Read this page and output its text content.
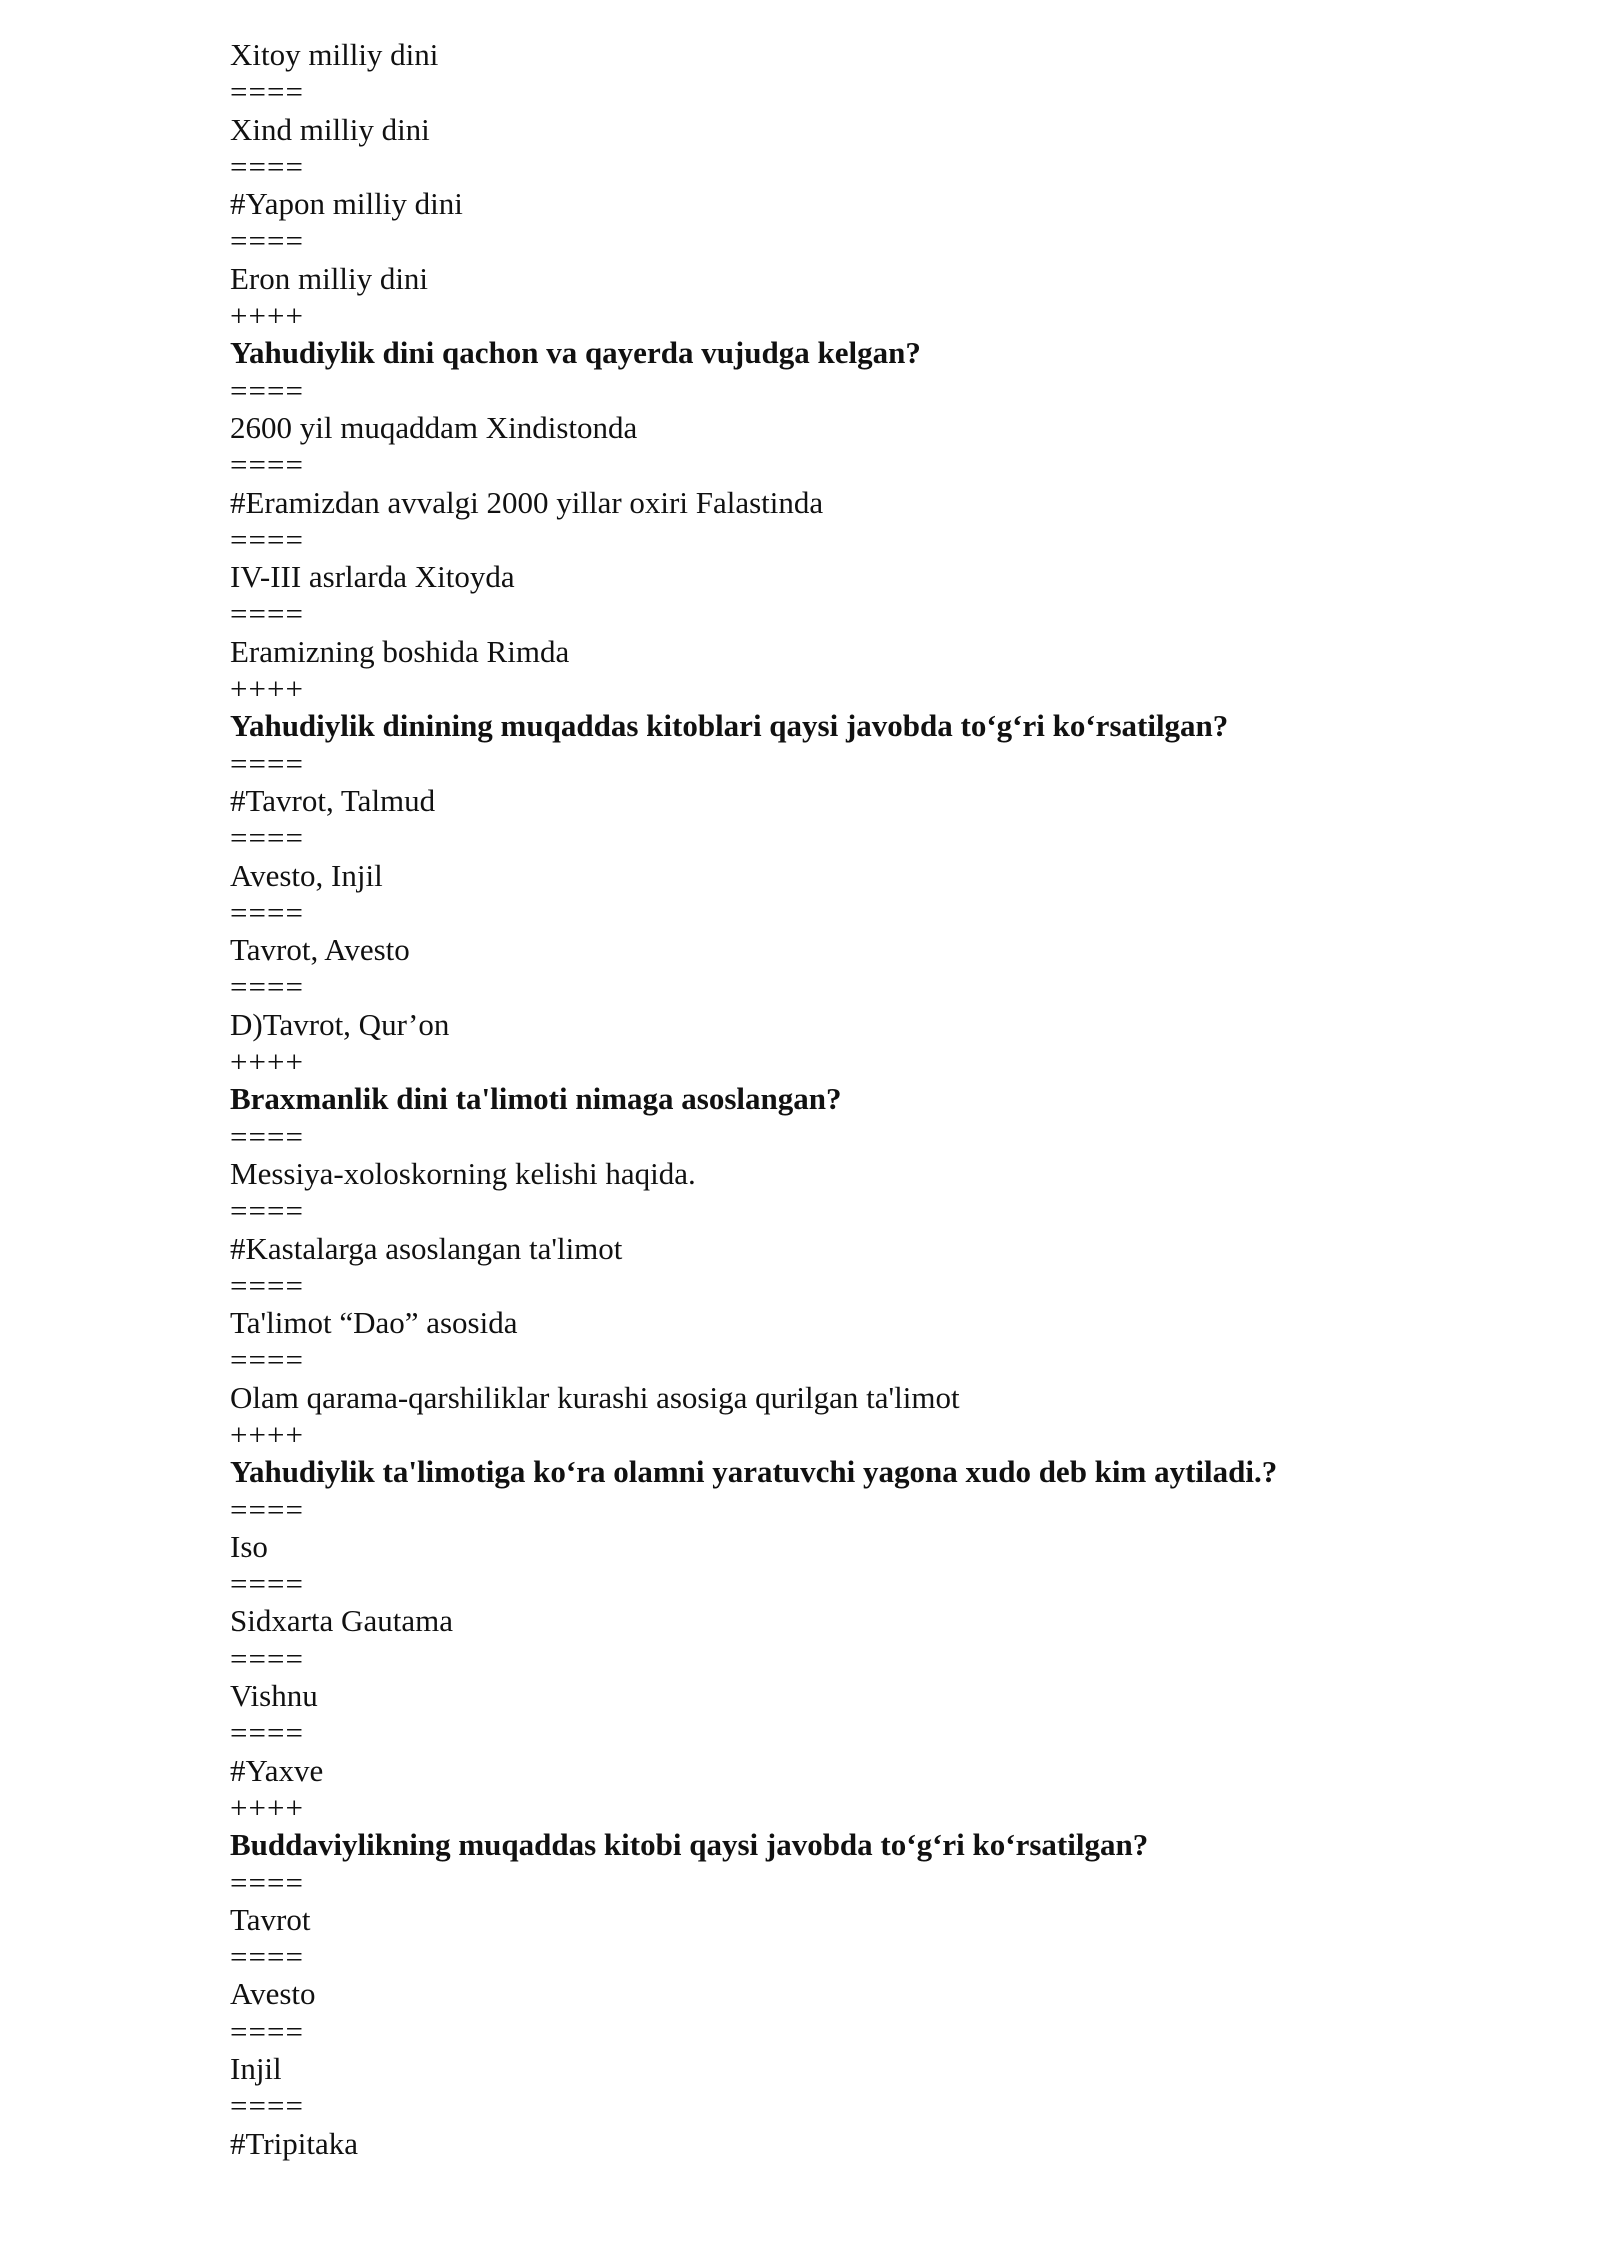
Xitoy milliy dini
====
Xind milliy dini
====
#Yapon milliy dini
====
Eron milliy dini
++++
Yahudiylik dini qachon va qayerda vujudga kelgan?
====
2600 yil muqaddam Xindistonda
====
#Eramizdan avvalgi 2000 yillar oxiri Falastinda
====
IV-III asrlarda Xitoyda
====
Eramizning boshida Rimda
++++
Yahudiylik dinining muqaddas kitoblari qaysi javobda to‘g‘ri ko‘rsatilgan?
====
#Tavrot, Talmud
====
Avesto, Injil
====
Tavrot, Avesto
====
D)Tavrot, Qur’on
++++
Braxmanlik dini ta'limoti nimaga asoslangan?
====
Messiya-xoloskorning kelishi haqida.
====
#Kastalarga asoslangan ta'limot
====
Ta'limot “Dao” asosida
====
Olam qarama-qarshiliklar kurashi asosiga qurilgan ta'limot
++++
Yahudiylik ta'limotiga ko‘ra olamni yaratuvchi yagona xudo deb kim aytiladi.?
====
Iso
====
Sidxarta Gautama
====
Vishnu
====
#Yaxve
++++
Buddaviylikning muqaddas kitobi qaysi javobda to‘g‘ri ko‘rsatilgan?
====
Tavrot
====
Avesto
====
Injil
====
#Tripitaka
